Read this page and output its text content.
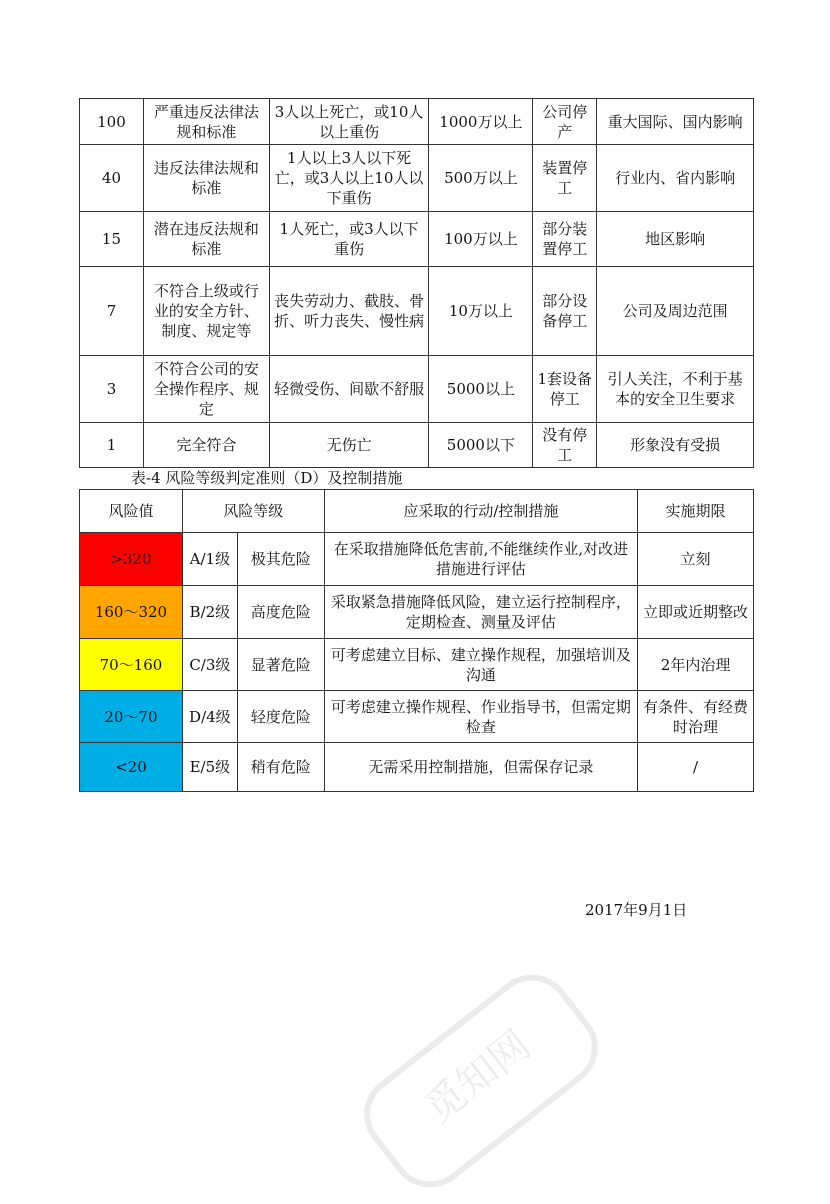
100	严重违反法律法规和标准	3人以上死亡，或10人以上重伤	1000万以上	公司停产	重大国际、国内影响
40	违反法律法规和标准	1人以上3人以下死亡，或3人以上10人以下重伤	500万以上	装置停工	行业内、省内影响
15	潜在违反法规和标准	1人死亡，或3人以下重伤	100万以上	部分装置停工	地区影响
7	不符合上级或行业的安全方针、制度、规定等	丧失劳动力、截肢、骨折、听力丧失、慢性病	10万以上	部分设备停工	公司及周边范围
3	不符合公司的安全操作程序、规定	轻微受伤、间歇不舒服	5000以上	1套设备停工	引人关注，不利于基本的安全卫生要求
1	完全符合	无伤亡	5000以下	没有停工	形象没有受损
表-4 风险等级判定准则（D）及控制措施
风险值	风险等级		应采取的行动/控制措施	实施期限
>320	A/1级	极其危险	在采取措施降低危害前,不能继续作业,对改进措施进行评估	立刻
160～320	B/2级	高度危险	采取紧急措施降低风险，建立运行控制程序，定期检查、测量及评估	立即或近期整改
70～160	C/3级	显著危险	可考虑建立目标、建立操作规程，加强培训及沟通	2年内治理
20～70	D/4级	轻度危险	可考虑建立操作规程、作业指导书，但需定期检查	有条件、有经费时治理
<20	E/5级	稍有危险	无需采用控制措施，但需保存记录	/
2017年9月1日
觅知网
